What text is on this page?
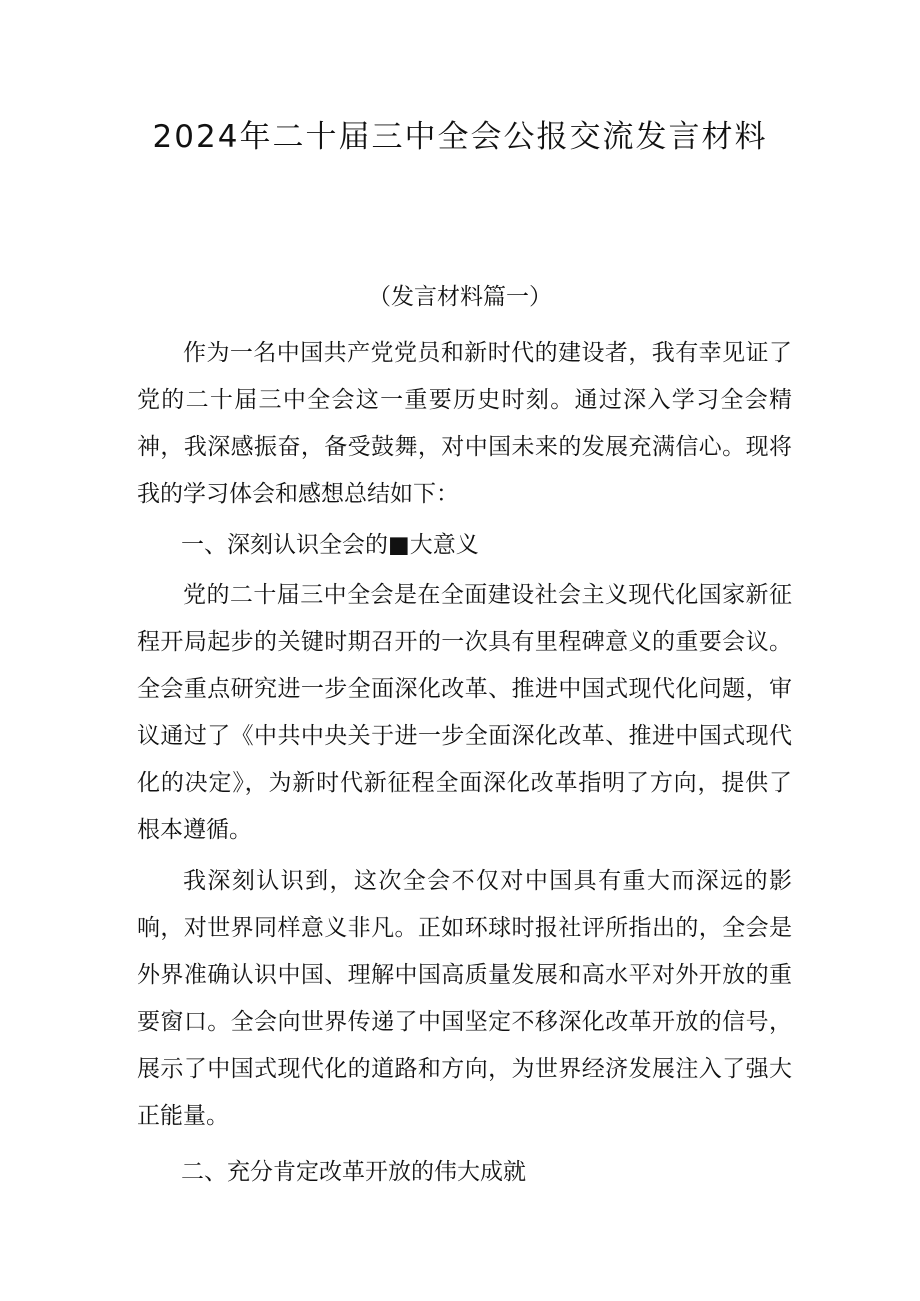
2024年二十届三中全会公报交流发言材料
（发言材料篇一）

作为一名中国共产党党员和新时代的建设者，我有幸见证了党的二十届三中全会这一重要历史时刻。通过深入学习全会精神，我深感振奋，备受鼓舞，对中国未来的发展充满信心。现将我的学习体会和感想总结如下：

一、深刻认识全会的■大意义

党的二十届三中全会是在全面建设社会主义现代化国家新征程开局起步的关键时期召开的一次具有里程碑意义的重要会议。全会重点研究进一步全面深化改革、推进中国式现代化问题，审议通过了《中共中央关于进一步全面深化改革、推进中国式现代化的决定》，为新时代新征程全面深化改革指明了方向，提供了根本遵循。

我深刻认识到，这次全会不仅对中国具有重大而深远的影响，对世界同样意义非凡。正如环球时报社评所指出的，全会是外界准确认识中国、理解中国高质量发展和高水平对外开放的重要窗口。全会向世界传递了中国坚定不移深化改革开放的信号，展示了中国式现代化的道路和方向，为世界经济发展注入了强大正能量。

二、充分肯定改革开放的伟大成就
